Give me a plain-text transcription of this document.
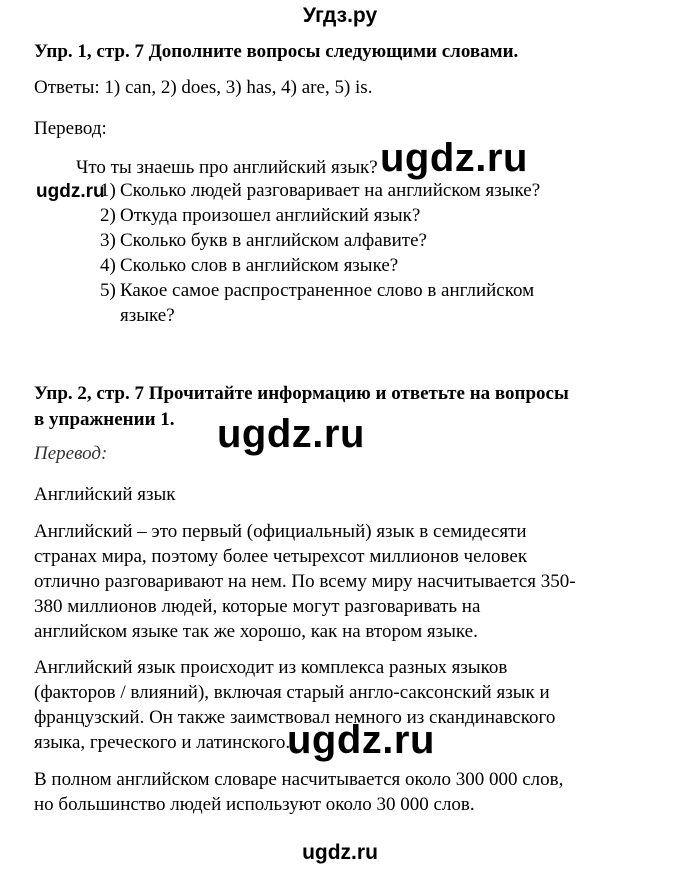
Угдз.ру
Упр. 1, стр. 7 Дополните вопросы следующими словами.
Ответы: 1) can, 2) does, 3) has, 4) are, 5) is.
Перевод:
Что ты знаешь про английский язык? ugdz.ru
ugdz.ru
1) Сколько людей разговаривает на английском языке?
2) Откуда произошел английский язык?
3) Сколько букв в английском алфавите?
4) Сколько слов в английском языке?
5) Какое самое распространенное слово в английском
языке?
Упр. 2, стр. 7 Прочитайте информацию и ответьте на вопросы
в упражнении 1. ugdz.ru
Перевод:
Английский язык
Английский – это первый (официальный) язык в семидесяти
странах мира, поэтому более четырехсот миллионов человек
отлично разговаривают на нем. По всему миру насчитывается 350-
380 миллионов людей, которые могут разговаривать на
английском языке так же хорошо, как на втором языке.
Английский язык происходит из комплекса разных языков
(факторов / влияний), включая старый англо-саксонский язык и
французский. Он также заимствовал немного из скандинавского
языка, греческого и латинского.
ugdz.ru
В полном английском словаре насчитывается около 300 000 слов,
но большинство людей используют около 30 000 слов.
ugdz.ru
